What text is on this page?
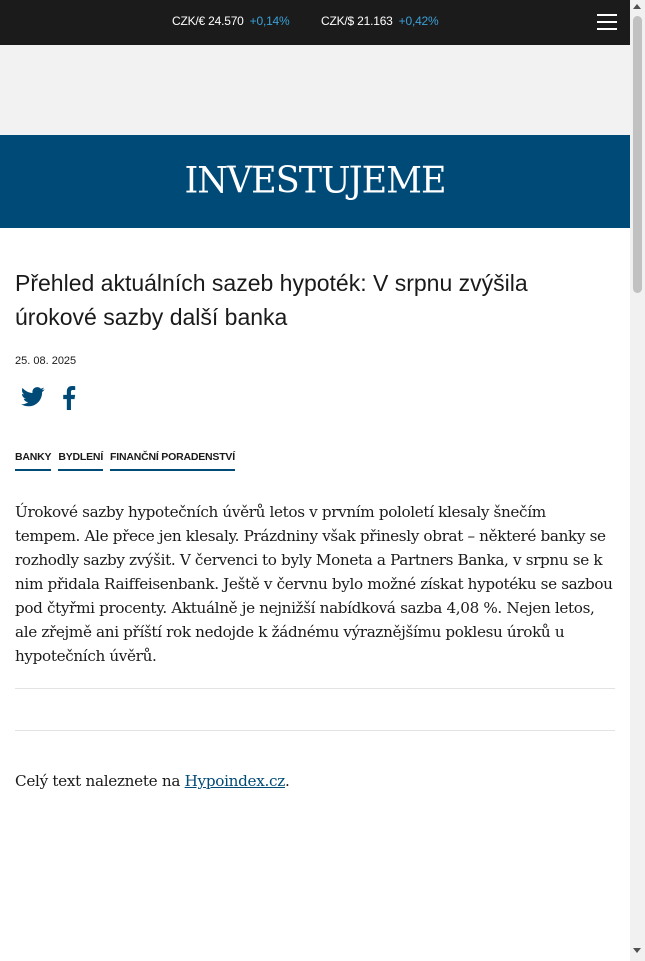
CZK/€ 24.570 +0,14%	CZK/$ 21.163 +0,42%
INVESTUJEME
Přehled aktuálních sazeb hypoték: V srpnu zvýšila úrokové sazby další banka
25. 08. 2025
BANKY BYDLENÍ FINANČNÍ PORADENSTVÍ

Úrokové sazby hypotečních úvěrů letos v prvním pololetí klesaly šnečím tempem. Ale přece jen klesaly. Prázdniny však přinesly obrat – některé banky se rozhodly sazby zvýšit. V červenci to byly Moneta a Partners Banka, v srpnu se k nim přidala Raiffeisenbank. Ještě v červnu bylo možné získat hypotéku se sazbou pod čtyřmi procenty. Aktuálně je nejnižší nabídková sazba 4,08 %. Nejen letos, ale zřejmě ani příští rok nedojde k žádnému výraznějšímu poklesu úroků u hypotečních úvěrů.

Celý text naleznete na Hypoindex.cz.
